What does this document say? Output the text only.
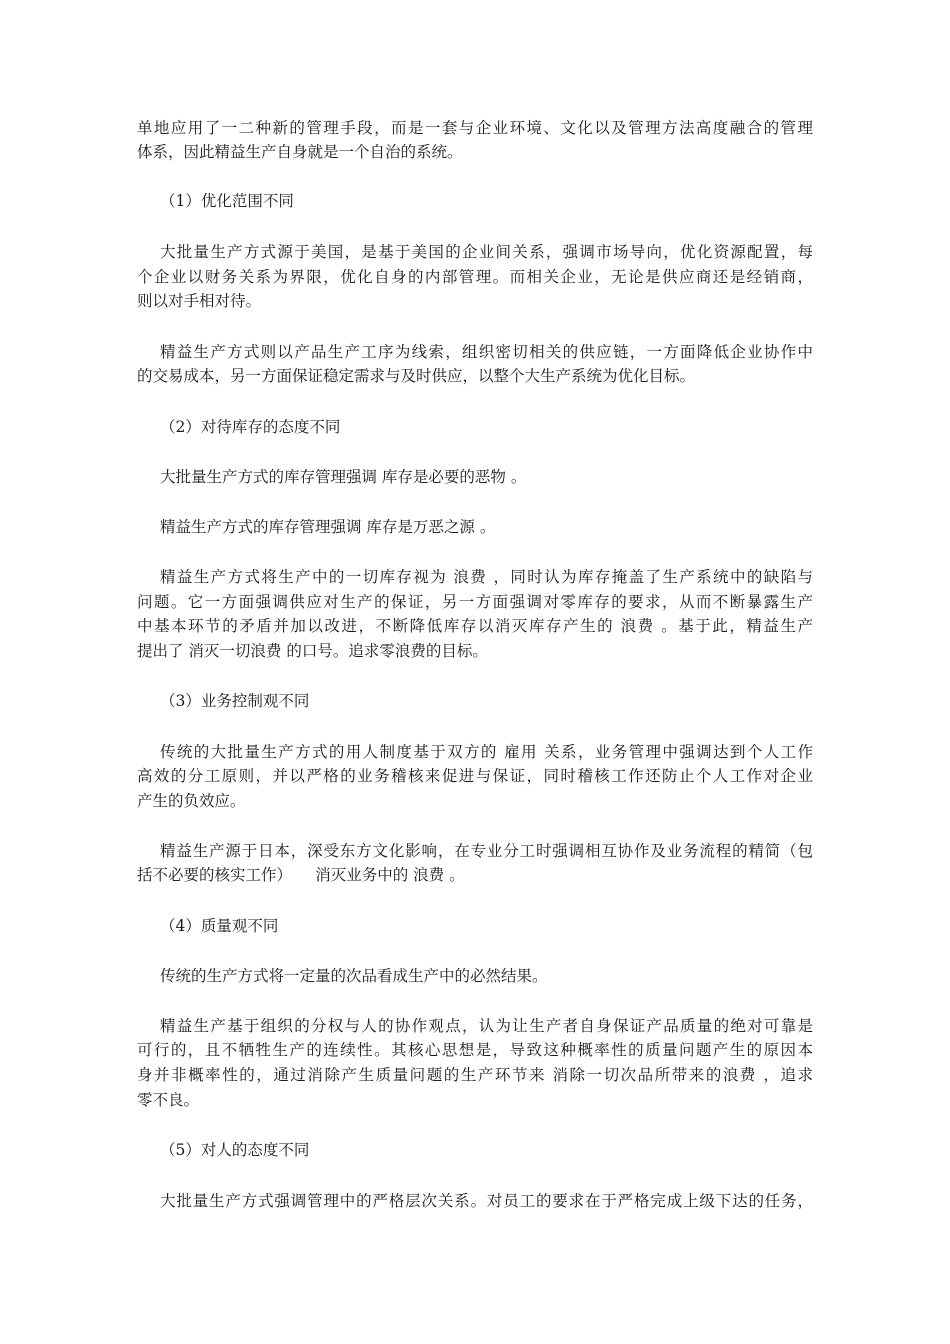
单地应用了一二种新的管理手段，而是一套与企业环境、文化以及管理方法高度融合的管理
体系，因此精益生产自身就是一个自治的系统。
（1）优化范围不同
大批量生产方式源于美国，是基于美国的企业间关系，强调市场导向，优化资源配置，每
个企业以财务关系为界限，优化自身的内部管理。而相关企业，无论是供应商还是经销商，
则以对手相对待。
精益生产方式则以产品生产工序为线索，组织密切相关的供应链，一方面降低企业协作中
的交易成本，另一方面保证稳定需求与及时供应，以整个大生产系统为优化目标。
（2）对待库存的态度不同
大批量生产方式的库存管理强调 库存是必要的恶物 。
精益生产方式的库存管理强调 库存是万恶之源 。
精益生产方式将生产中的一切库存视为 浪费 ，同时认为库存掩盖了生产系统中的缺陷与
问题。它一方面强调供应对生产的保证，另一方面强调对零库存的要求，从而不断暴露生产
中基本环节的矛盾并加以改进，不断降低库存以消灭库存产生的 浪费 。基于此，精益生产
提出了 消灭一切浪费 的口号。追求零浪费的目标。
（3）业务控制观不同
传统的大批量生产方式的用人制度基于双方的 雇用 关系，业务管理中强调达到个人工作
高效的分工原则，并以严格的业务稽核来促进与保证，同时稽核工作还防止个人工作对企业
产生的负效应。
精益生产源于日本，深受东方文化影响，在专业分工时强调相互协作及业务流程的精简（包
括不必要的核实工作）　　消灭业务中的 浪费 。
（4）质量观不同
传统的生产方式将一定量的次品看成生产中的必然结果。
精益生产基于组织的分权与人的协作观点，认为让生产者自身保证产品质量的绝对可靠是
可行的，且不牺牲生产的连续性。其核心思想是，导致这种概率性的质量问题产生的原因本
身并非概率性的，通过消除产生质量问题的生产环节来 消除一切次品所带来的浪费 ，追求
零不良。
（5）对人的态度不同
大批量生产方式强调管理中的严格层次关系。对员工的要求在于严格完成上级下达的任务，
